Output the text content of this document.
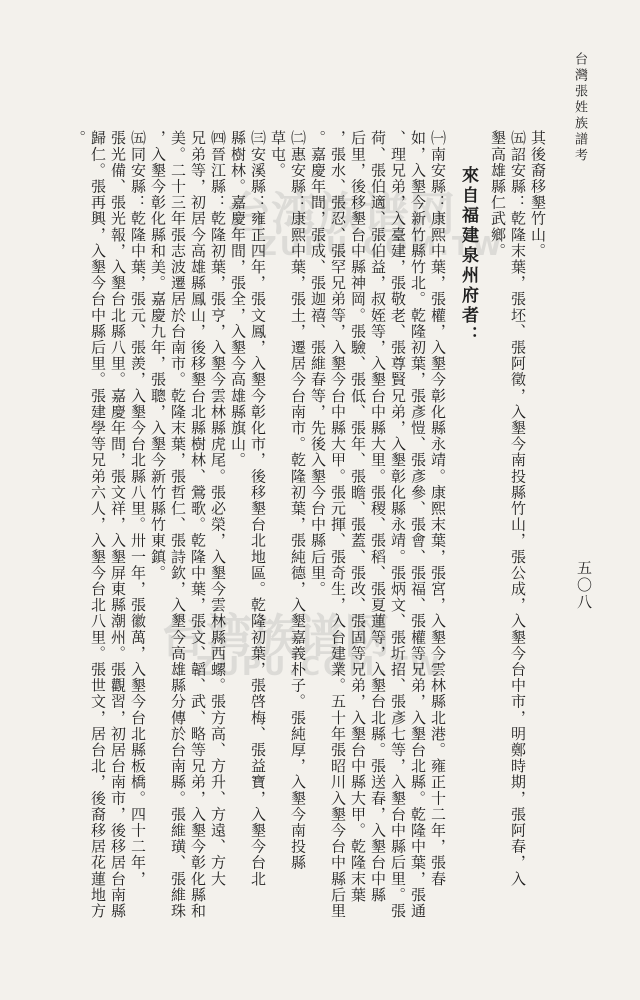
台灣張姓族譜考
五〇八
台湾族谱网
ZUPU.COM.TW
台湾族谱网
ZUPU.COM.TW
其後裔移墾竹山。
㈤詔安縣：乾隆末葉，張坯、張阿徵，入墾今南投縣竹山，張公成，入墾今台中市，明鄭時期，張阿春，入
墾高雄縣仁武鄉。
來自福建泉州府者：
㈠南安縣：康熙中葉，張權，入墾今彰化縣永靖。康熙末葉，張宮，入墾今雲林縣北港。雍正十二年，張春
如，入墾今新竹縣竹北。乾隆初葉，張彥愷、張彥參、張會、張福、張權等兄弟，入墾台北縣。乾隆中葉，張通
、理兄弟，入臺建，張敬老、張尊賢兄弟，入墾彰化縣永靖。張炳文、張圻招、張彥七等，入墾台中縣后里。張
荷、張伯適、張伯益，叔姪等，入墾台中縣大里。張稷、張稻、張夏蓮等，入墾台北縣。張送春，入墾台中縣
后里，後移墾台中縣神岡。張驗、張低、張年、張瞻、張蓋、張改、張固等兄弟，入墾台中縣大甲。乾隆末葉
，張水、張忍、張罕兄弟等，入墾今台中縣大甲。張元揮、張奇生，入台建業。五十年張昭川入墾今台中縣后里
。嘉慶年間，張成、張迦禧、張維春等，先後入墾今台中縣后里。
㈡惠安縣：康熙中葉，張土，遷居今台南市。乾隆初葉，張純德，入墾嘉義朴子。張純厚，入墾今南投縣
草屯。
㈢安溪縣：雍正四年，張文鳳，入墾今彰化市，後移墾台北地區。乾隆初葉，張啓梅、張益寶，入墾今台北
縣樹林。嘉慶年間，張全，入墾今高雄縣旗山。
㈣晉江縣：乾隆初葉，張亨，入墾今雲林縣虎尾。張必榮，入墾今雲林縣西螺。張方高、方升、方遠、方大
兄弟等，初居今高雄縣鳳山，後移墾台北縣樹林、鶯歌。乾隆中葉，張文、韜、武、略等兄弟，入墾今彰化縣和
美。二十三年張志波遷居於台南市。乾隆末葉，張哲仁、張詩欽，入墾今高雄縣分傳於台南縣。張維璜、張維珠
，入墾今彰化縣和美。嘉慶九年，張聰，入墾今新竹縣竹東鎮。
㈤同安縣：乾隆中葉，張元、張羨，入墾今台北縣八里。卅一年，張徽萬，入墾今台北縣板橋。四十二年，
張光備、張光報，入墾台北縣八里。嘉慶年間，張文祥，入墾屏東縣潮州。張觀習，初居台南市，後移居台南縣
歸仁。張再興，入墾今台中縣后里。張建學等兄弟六人，入墾今台北八里。張世文，居台北，後裔移居花蓮地方
。
